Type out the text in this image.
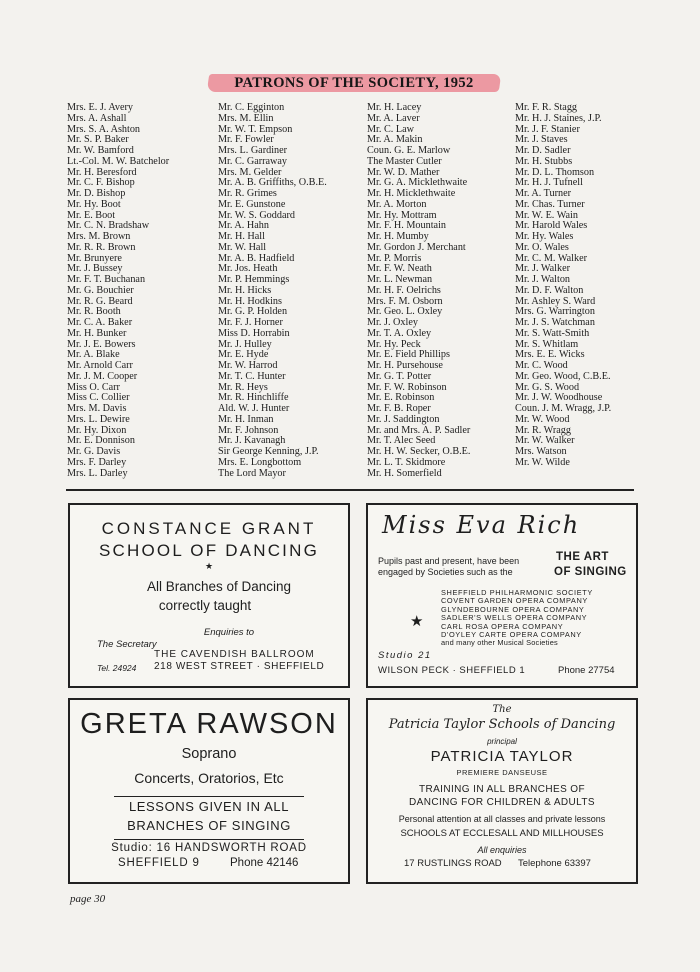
PATRONS OF THE SOCIETY, 1952
Mrs. E. J. Avery
Mrs. A. Ashall
Mrs. S. A. Ashton
Mr. S. P. Baker
Mr. W. Bamford
Lt.-Col. M. W. Batchelor
Mr. H. Beresford
Mr. C. F. Bishop
Mr. D. Bishop
Mr. Hy. Boot
Mr. E. Boot
Mr. C. N. Bradshaw
Mrs. M. Brown
Mr. R. R. Brown
Mr. Brunyere
Mr. J. Bussey
Mr. F. T. Buchanan
Mr. G. Bouchier
Mr. R. G. Beard
Mr. R. Booth
Mr. C. A. Baker
Mr. H. Bunker
Mr. J. E. Bowers
Mr. A. Blake
Mr. Arnold Carr
Mr. J. M. Cooper
Miss O. Carr
Miss C. Collier
Mrs. M. Davis
Mrs. L. Dewire
Mr. Hy. Dixon
Mr. E. Donnison
Mr. G. Davis
Mrs. F. Darley
Mrs. L. Darley
Mr. C. Egginton
Mrs. M. Ellin
Mr. W. T. Empson
Mr. F. Fowler
Mrs. L. Gardiner
Mr. C. Garraway
Mrs. M. Gelder
Mr. A. B. Griffiths, O.B.E.
Mr. R. Grimes
Mr. E. Gunstone
Mr. W. S. Goddard
Mr. A. Hahn
Mr. H. Hall
Mr. W. Hall
Mr. A. B. Hadfield
Mr. Jos. Heath
Mr. P. Hemmings
Mr. H. Hicks
Mr. H. Hodkins
Mr. G. P. Holden
Mr. F. J. Horner
Miss D. Horrabin
Mr. J. Hulley
Mr. E. Hyde
Mr. W. Harrod
Mr. T. C. Hunter
Mr. R. Heys
Mr. R. Hinchliffe
Ald. W. J. Hunter
Mr. H. Inman
Mr. F. Johnson
Mr. J. Kavanagh
Sir George Kenning, J.P.
Mrs. E. Longbottom
The Lord Mayor
Mr. H. Lacey
Mr. A. Laver
Mr. C. Law
Mr. A. Makin
Coun. G. E. Marlow
The Master Cutler
Mr. W. D. Mather
Mr. G. A. Micklethwaite
Mr. H. Micklethwaite
Mr. A. Morton
Mr. Hy. Mottram
Mr. F. H. Mountain
Mr. H. Mumby
Mr. Gordon J. Merchant
Mr. P. Morris
Mr. F. W. Neath
Mr. L. Newman
Mr. H. F. Oelrichs
Mrs. F. M. Osborn
Mr. Geo. L. Oxley
Mr. J. Oxley
Mr. T. A. Oxley
Mr. Hy. Peck
Mr. E. Field Phillips
Mr. H. Pursehouse
Mr. G. T. Potter
Mr. F. W. Robinson
Mr. E. Robinson
Mr. F. B. Roper
Mr. J. Saddington
Mr. and Mrs. A. P. Sadler
Mr. T. Alec Seed
Mr. H. W. Secker, O.B.E.
Mr. L. T. Skidmore
Mr. H. Somerfield
Mr. F. R. Stagg
Mr. H. J. Staines, J.P.
Mr. J. F. Stanier
Mr. J. Staves
Mr. D. Sadler
Mr. H. Stubbs
Mr. D. L. Thomson
Mr. H. J. Tufnell
Mr. A. Turner
Mr. Chas. Turner
Mr. W. E. Wain
Mr. Harold Wales
Mr. Hy. Wales
Mr. O. Wales
Mr. C. M. Walker
Mr. J. Walker
Mr. J. Walton
Mr. D. F. Walton
Mr. Ashley S. Ward
Mrs. G. Warrington
Mr. J. S. Watchman
Mr. S. Watt-Smith
Mr. S. Whitlam
Mrs. E. E. Wicks
Mr. C. Wood
Mr. Geo. Wood, C.B.E.
Mr. G. S. Wood
Mr. J. W. Woodhouse
Coun. J. M. Wragg, J.P.
Mr. W. Wood
Mr. R. Wragg
Mr. W. Walker
Mrs. Watson
Mr. W. Wilde
CONSTANCE GRANT
SCHOOL OF DANCING
★
All Branches of Dancing
correctly taught
Enquiries to
The Secretary
THE CAVENDISH BALLROOM
Tel. 24924 218 WEST STREET · SHEFFIELD
Miss Eva Rich
Pupils past and present, have been
engaged by Societies such as the
THE ART
OF SINGING
★
SHEFFIELD PHILHARMONIC SOCIETY
COVENT GARDEN OPERA COMPANY
GLYNDEBOURNE OPERA COMPANY
SADLER'S WELLS OPERA COMPANY
CARL ROSA OPERA COMPANY
D'OYLEY CARTE OPERA COMPANY
and many other Musical Societies
Studio 21
WILSON PECK · SHEFFIELD 1	Phone 27754
GRETA RAWSON
Soprano
Concerts, Oratorios, Etc
LESSONS GIVEN IN ALL
BRANCHES OF SINGING
Studio: 16 HANDSWORTH ROAD
SHEFFIELD 9	Phone 42146
The
Patricia Taylor Schools of Dancing
principal
PATRICIA TAYLOR
PREMIERE DANSEUSE
TRAINING IN ALL BRANCHES OF
DANCING FOR CHILDREN & ADULTS
Personal attention at all classes and private lessons
SCHOOLS AT ECCLESALL AND MILLHOUSES
All enquiries
17 RUSTLINGS ROAD Telephone 63397
page 30
